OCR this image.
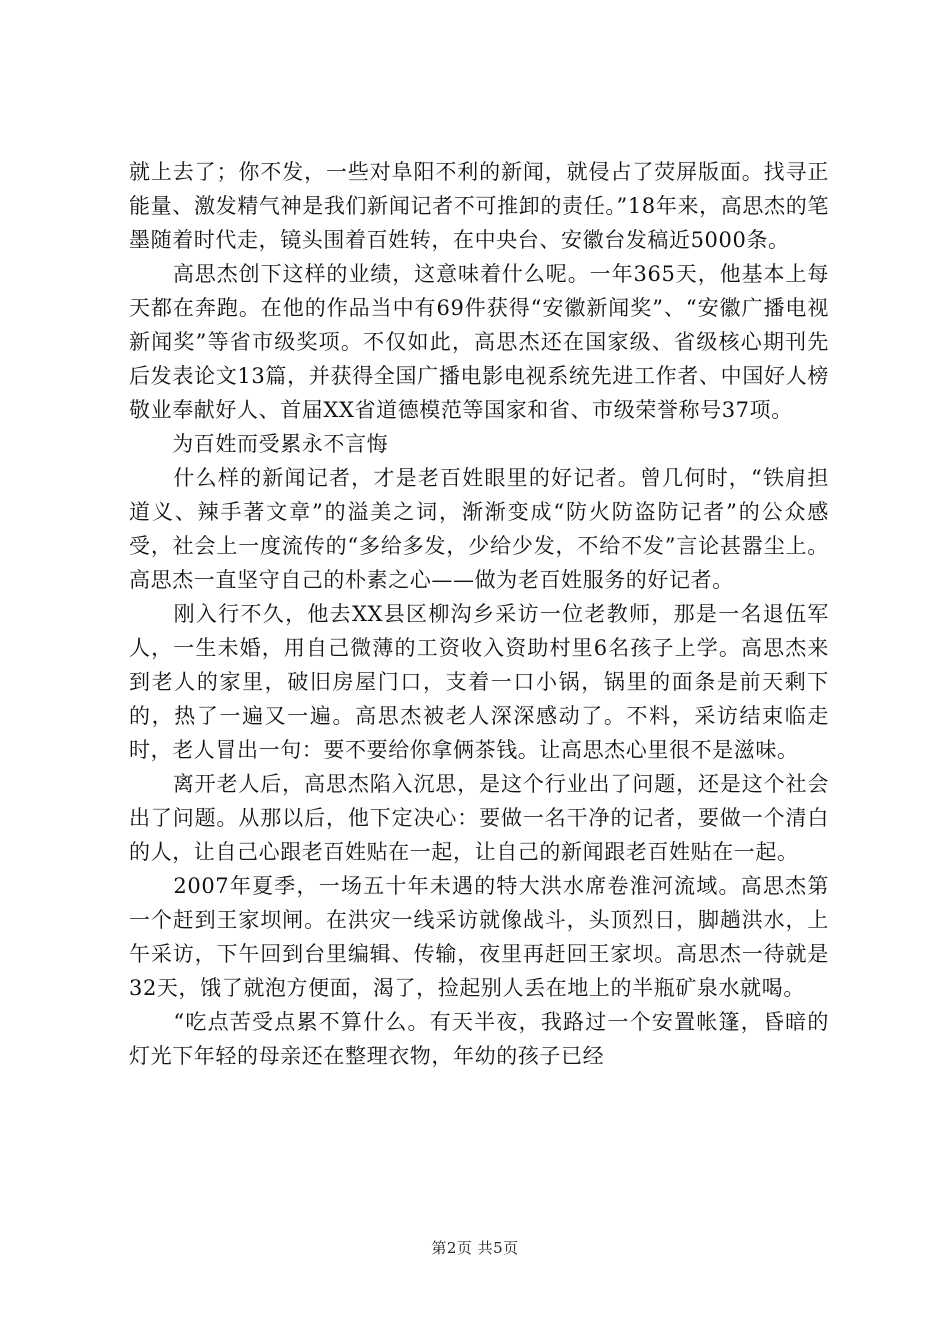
就上去了；你不发，一些对阜阳不利的新闻，就侵占了荧屏版面。找寻正能量、激发精气神是我们新闻记者不可推卸的责任。”18年来，高思杰的笔墨随着时代走，镜头围着百姓转，在中央台、安徽台发稿近5000条。

　　高思杰创下这样的业绩，这意味着什么呢。一年365天，他基本上每天都在奔跑。在他的作品当中有69件获得“安徽新闻奖”、“安徽广播电视新闻奖”等省市级奖项。不仅如此，高思杰还在国家级、省级核心期刊先后发表论文13篇，并获得全国广播电影电视系统先进工作者、中国好人榜敬业奉献好人、首届XX省道德模范等国家和省、市级荣誉称号37项。

　　为百姓而受累永不言悔

　　什么样的新闻记者，才是老百姓眼里的好记者。曾几何时，“铁肩担道义、辣手著文章”的溢美之词，渐渐变成“防火防盗防记者”的公众感受，社会上一度流传的“多给多发，少给少发，不给不发”言论甚嚣尘上。高思杰一直坚守自己的朴素之心——做为老百姓服务的好记者。

　　刚入行不久，他去XX县区柳沟乡采访一位老教师，那是一名退伍军人，一生未婚，用自己微薄的工资收入资助村里6名孩子上学。高思杰来到老人的家里，破旧房屋门口，支着一口小锅，锅里的面条是前天剩下的，热了一遍又一遍。高思杰被老人深深感动了。不料，采访结束临走时，老人冒出一句：要不要给你拿俩茶钱。让高思杰心里很不是滋味。

　　离开老人后，高思杰陷入沉思，是这个行业出了问题，还是这个社会出了问题。从那以后，他下定决心：要做一名干净的记者，要做一个清白的人，让自己心跟老百姓贴在一起，让自己的新闻跟老百姓贴在一起。

　　2007年夏季，一场五十年未遇的特大洪水席卷淮河流域。高思杰第一个赶到王家坝闸。在洪灾一线采访就像战斗，头顶烈日，脚趟洪水，上午采访，下午回到台里编辑、传输，夜里再赶回王家坝。高思杰一待就是32天，饿了就泡方便面，渴了，捡起别人丢在地上的半瓶矿泉水就喝。

　　“吃点苦受点累不算什么。有天半夜，我路过一个安置帐篷，昏暗的灯光下年轻的母亲还在整理衣物，年幼的孩子已经

第2页 共5页
